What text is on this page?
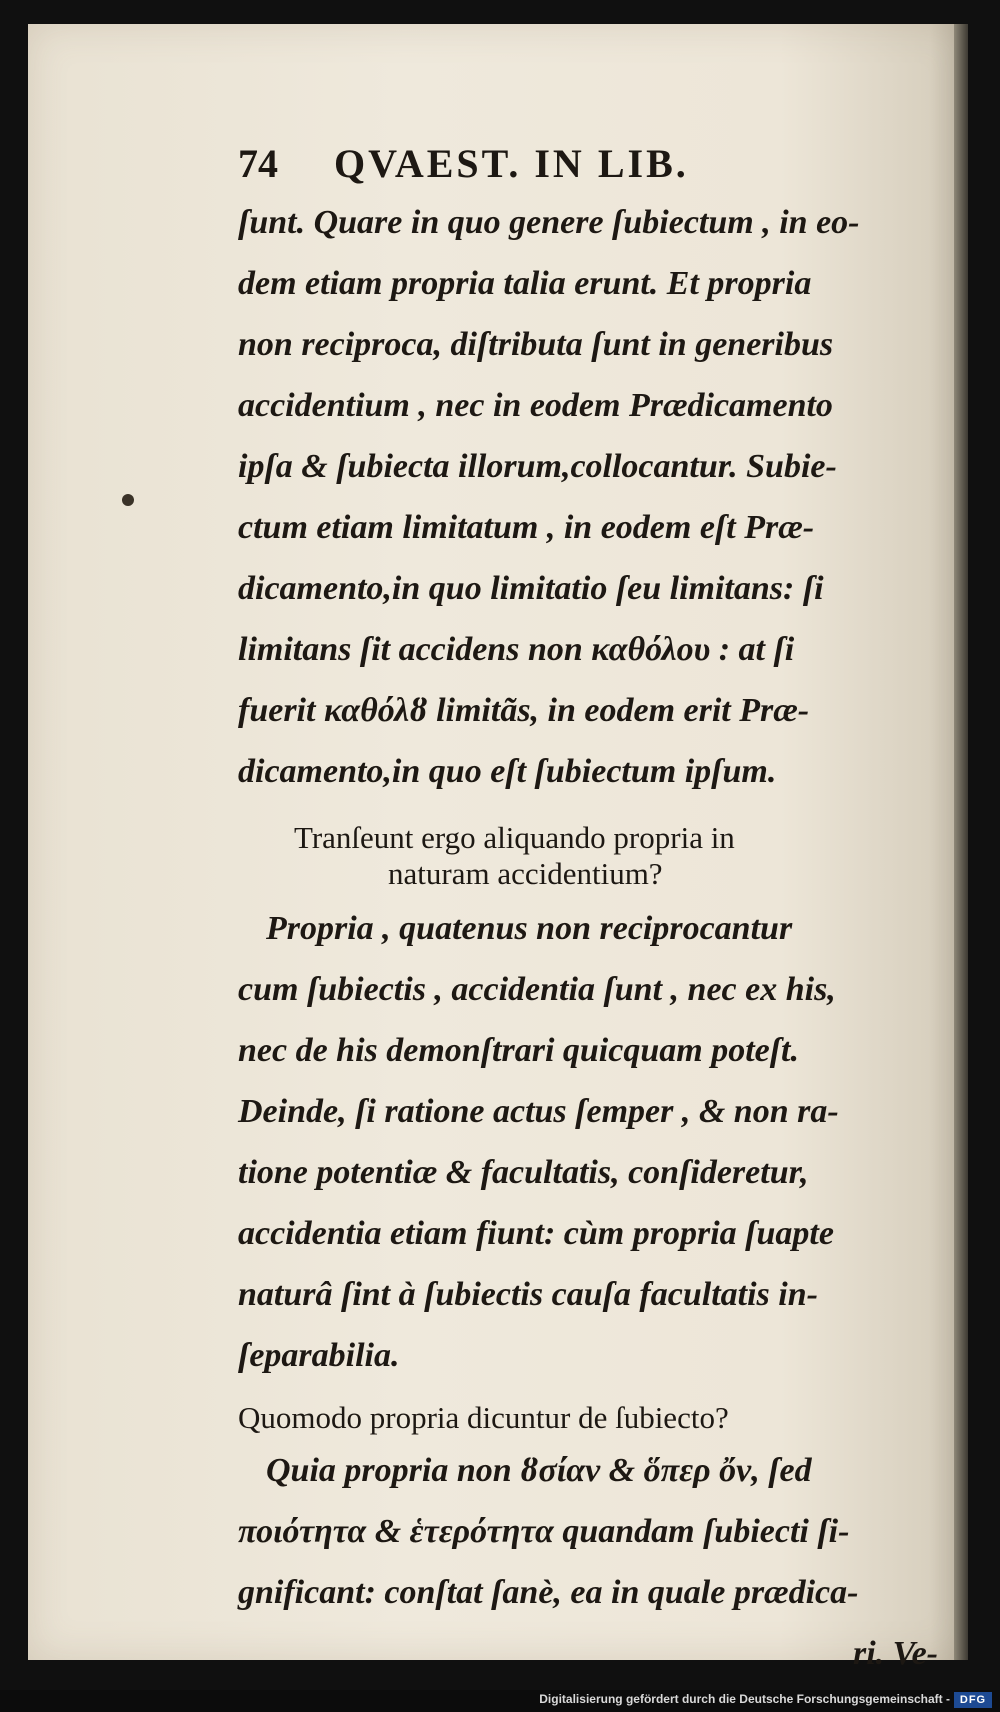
74 QVAEST. IN LIB.
ſunt. Quare in quo genere ſubiectum , in eo-
dem etiam propria talia erunt. Et propria
non reciproca, diſtributa ſunt in generibus
accidentium , nec in eodem Prædicamento
ipſa & ſubiecta illorum,collocantur. Subie-
ctum etiam limitatum , in eodem eſt Præ-
dicamento,in quo limitatio ſeu limitans: ſi
limitans ſit accidens non καθόλου : at ſi
fuerit καθόλȣ limitãs, in eodem erit Præ-
dicamento,in quo eſt ſubiectum ipſum.
Tranſeunt ergo aliquando propria in
naturam accidentium?
Propria , quatenus non reciprocantur
cum ſubiectis , accidentia ſunt , nec ex his,
nec de his demonſtrari quicquam poteſt.
Deinde, ſi ratione actus ſemper , & non ra-
tione potentiæ & facultatis, conſideretur,
accidentia etiam fiunt: cùm propria ſuapte
naturâ ſint à ſubiectis cauſa facultatis in-
ſeparabilia.
Quomodo propria dicuntur de ſubiecto?
Quia propria non ȣσίαν & ὅπερ ὄν, ſed
ποιότητα & ἑτερότητα quandam ſubiecti ſi-
gnificant: conſtat ſanè, ea in quale prædica-
ri. Ve-
Digitalisierung gefördert durch die Deutsche Forschungsgemeinschaft - DFG
